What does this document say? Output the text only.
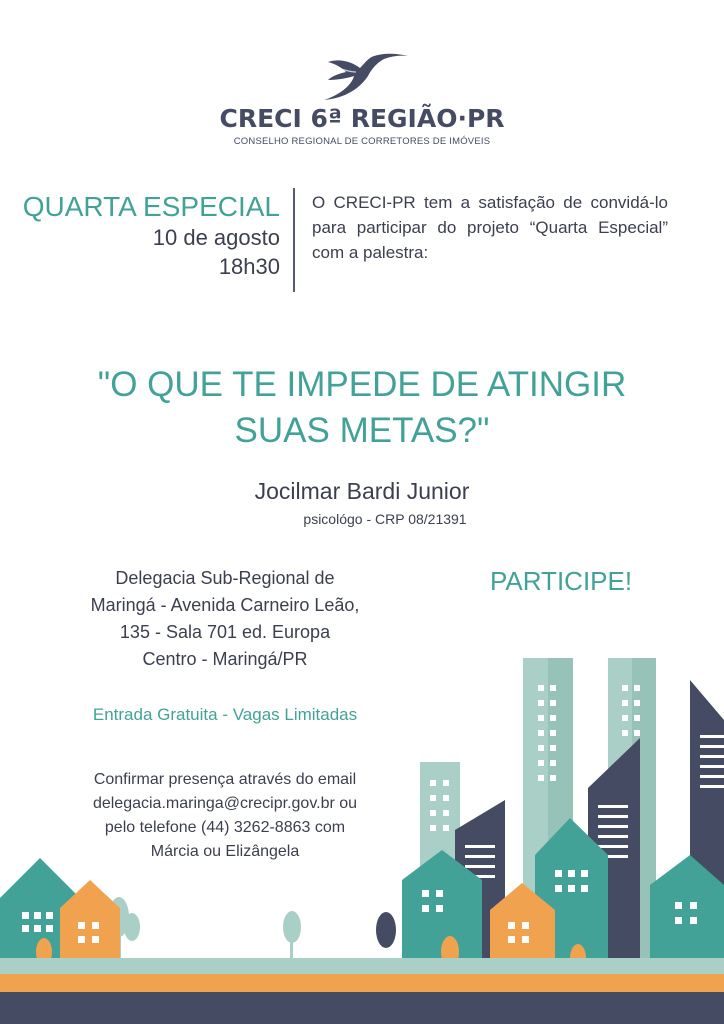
CRECI 6ª REGIÃO·PR
CONSELHO REGIONAL DE CORRETORES DE IMÓVEIS
QUARTA ESPECIAL
10 de agosto
18h30
O CRECI-PR tem a satisfação de convidá-lo para participar do projeto “Quarta Especial” com a palestra:
"O QUE TE IMPEDE DE ATINGIR
SUAS METAS?"
Jocilmar Bardi Junior
psicológo - CRP 08/21391
Delegacia Sub-Regional de
Maringá - Avenida Carneiro Leão,
135 - Sala 701 ed. Europa
Centro - Maringá/PR
PARTICIPE!
Entrada Gratuita - Vagas Limitadas
Confirmar presença através do email
delegacia.maringa@crecipr.gov.br ou
pelo telefone (44) 3262-8863 com
Márcia ou Elizângela
